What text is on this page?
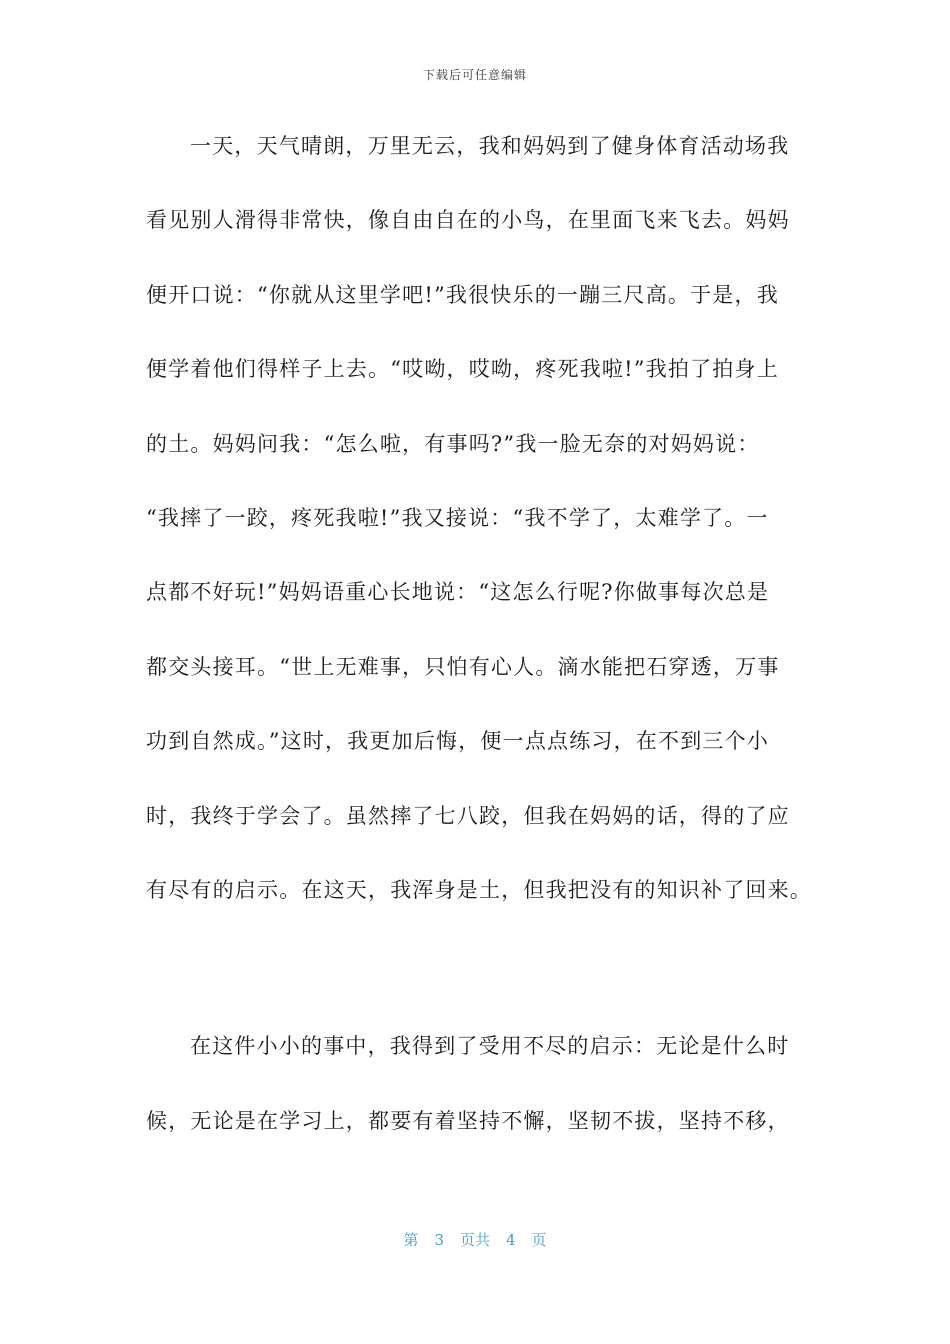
下载后可任意编辑
一天，天气晴朗，万里无云，我和妈妈到了健身体育活动场我
看见别人滑得非常快，像自由自在的小鸟，在里面飞来飞去。妈妈
便开口说：“你就从这里学吧!”我很快乐的一蹦三尺高。于是，我
便学着他们得样子上去。“哎呦，哎呦，疼死我啦!”我拍了拍身上
的土。妈妈问我：“怎么啦，有事吗?”我一脸无奈的对妈妈说：
“我摔了一跤，疼死我啦!”我又接说：“我不学了，太难学了。一
点都不好玩!”妈妈语重心长地说：“这怎么行呢?你做事每次总是
都交头接耳。“世上无难事，只怕有心人。滴水能把石穿透，万事
功到自然成。”这时，我更加后悔，便一点点练习，在不到三个小
时，我终于学会了。虽然摔了七八跤，但我在妈妈的话，得的了应
有尽有的启示。在这天，我浑身是土，但我把没有的知识补了回来。
在这件小小的事中，我得到了受用不尽的启示：无论是什么时
候，无论是在学习上，都要有着坚持不懈，坚韧不拔，坚持不移，
第 3 页共 4 页
